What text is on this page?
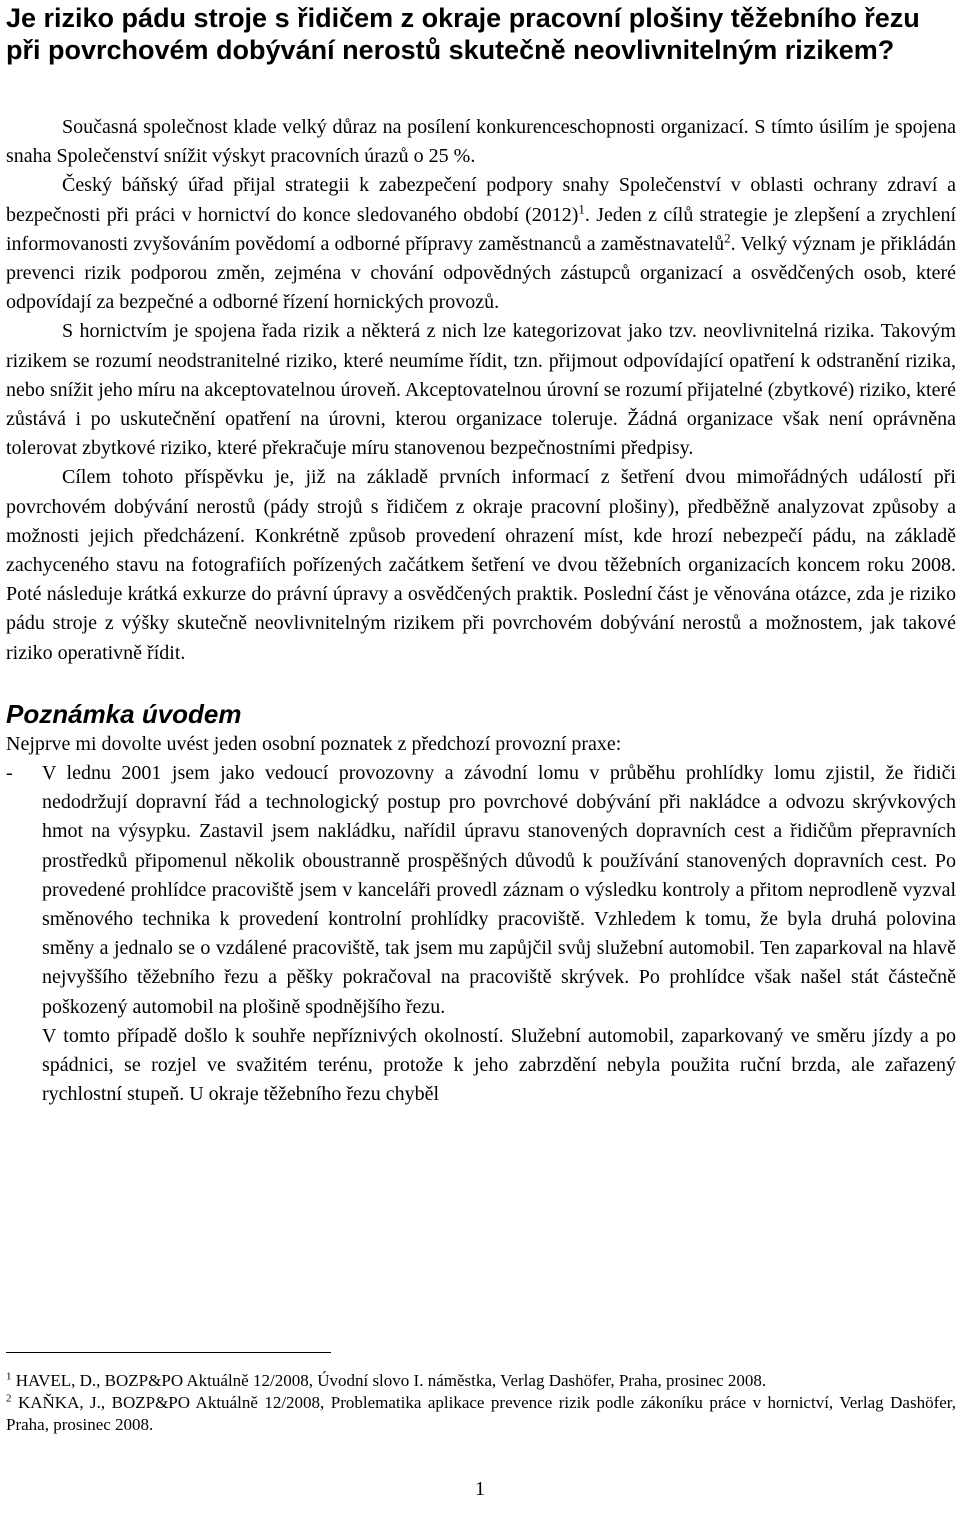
Je riziko pádu stroje s řidičem z okraje pracovní plošiny těžebního řezu při povrchovém dobývání nerostů skutečně neovlivnitelným rizikem?

Současná společnost klade velký důraz na posílení konkurenceschopnosti organizací. S tímto úsilím je spojena snaha Společenství snížit výskyt pracovních úrazů o 25 %.

Český báňský úřad přijal strategii k zabezpečení podpory snahy Společenství v oblasti ochrany zdraví a bezpečnosti při práci v hornictví do konce sledovaného období $(2012)^1$. Jeden z cílů strategie je zlepšení a zrychlení informovanosti zvyšováním povědomí a odborné přípravy zaměstnanců a zaměstnavatelů$^2$. Velký význam je přikládán prevenci rizik podporou změn, zejména v chování odpovědných zástupců organizací a osvědčených osob, které odpovídají za bezpečné a odborné řízení hornických provozů.

S hornictvím je spojena řada rizik a některá z nich lze kategorizovat jako tzv. neovlivnitelná rizika. Takovým rizikem se rozumí neodstranitelné riziko, které neumíme řídit, tzn. přijmout odpovídající opatření k odstranění rizika, nebo snížit jeho míru na akceptovatelnou úroveň. Akceptovatelnou úrovní se rozumí přijatelné (zbytkové) riziko, které zůstává i po uskutečnění opatření na úrovni, kterou organizace toleruje. Žádná organizace však není oprávněna tolerovat zbytkové riziko, které překračuje míru stanovenou bezpečnostními předpisy.

Cílem tohoto příspěvku je, již na základě prvních informací z šetření dvou mimořádných událostí při povrchovém dobývání nerostů (pády strojů s řidičem z okraje pracovní plošiny), předběžně analyzovat způsoby a možnosti jejich předcházení. Konkrétně způsob provedení ohrazení míst, kde hrozí nebezpečí pádu, na základě zachyceného stavu na fotografiích pořízených začátkem šetření ve dvou těžebních organizacích koncem roku 2008. Poté následuje krátká exkurze do právní úpravy a osvědčených praktik. Poslední část je věnována otázce, zda je riziko pádu stroje z výšky skutečně neovlivnitelným rizikem při povrchovém dobývání nerostů a možnostem, jak takové riziko operativně řídit.

Poznámka úvodem

Nejprve mi dovolte uvést jeden osobní poznatek z předchozí provozní praxe:

-	V lednu 2001 jsem jako vedoucí provozovny a závodní lomu v průběhu prohlídky lomu zjistil, že řidiči nedodržují dopravní řád a technologický postup pro povrchové dobývání při nakládce a odvozu skrývkových hmot na výsypku. Zastavil jsem nakládku, nařídil úpravu stanovených dopravních cest a řidičům přepravních prostředků připomenul několik oboustranně prospěšných důvodů k používání stanovených dopravních cest. Po provedené prohlídce pracoviště jsem v kanceláři provedl záznam o výsledku kontroly a přitom neprodleně vyzval směnového technika k provedení kontrolní prohlídky pracoviště. Vzhledem k tomu, že byla druhá polovina směny a jednalo se o vzdálené pracoviště, tak jsem mu zapůjčil svůj služební automobil. Ten zaparkoval na hlavě nejvyššího těžebního řezu a pěšky pokračoval na pracoviště skrývek. Po prohlídce však našel stát částečně poškozený automobil na plošině spodnějšího řezu.

V tomto případě došlo k souhře nepříznivých okolností. Služební automobil, zaparkovaný ve směru jízdy a po spádnici, se rozjel ve svažitém terénu, protože k jeho zabrzdění nebyla použita ruční brzda, ale zařazený rychlostní stupeň. U okraje těžebního řezu chyběl

$^1$ HAVEL, D., BOZP&PO Aktuálně 12/2008, Úvodní slovo I. náměstka, Verlag Dashöfer, Praha, prosinec 2008.

$^2$ KAŇKA, J., BOZP&PO Aktuálně 12/2008, Problematika aplikace prevence rizik podle zákoníku práce v hornictví, Verlag Dashöfer, Praha, prosinec 2008.

1
